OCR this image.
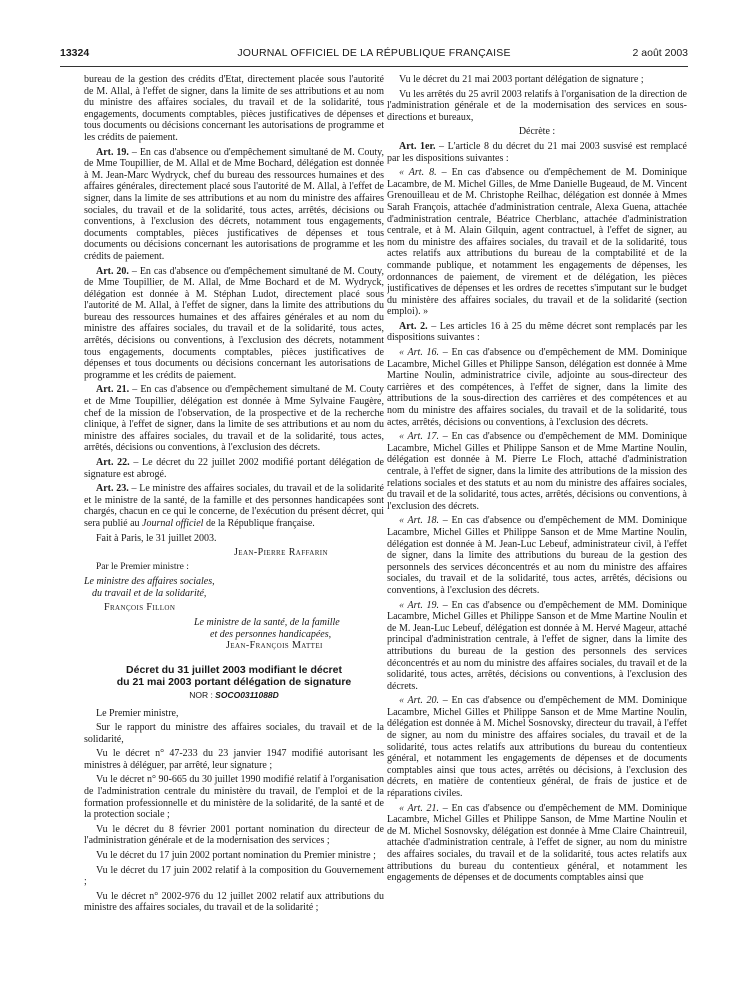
13324	JOURNAL OFFICIEL DE LA RÉPUBLIQUE FRANÇAISE	2 août 2003

bureau de la gestion des crédits d'Etat, directement placée sous l'autorité de M. Allal, à l'effet de signer, dans la limite de ses attributions et au nom du ministre des affaires sociales, du travail et de la solidarité, tous engagements, documents comptables, pièces justificatives de dépenses et tous documents ou décisions concernant les autorisations de programme et les crédits de paiement.

Art. 19. – En cas d'absence ou d'empêchement simultané de M. Couty, de Mme Toupillier, de M. Allal et de Mme Bochard, délégation est donnée à M. Jean-Marc Wydryck, chef du bureau des ressources humaines et des affaires générales, directement placé sous l'autorité de M. Allal, à l'effet de signer, dans la limite de ses attributions et au nom du ministre des affaires sociales, du travail et de la solidarité, tous actes, arrêtés, décisions ou conventions, à l'exclusion des décrets, notamment tous engagements, documents comptables, pièces justificatives de dépenses et tous documents ou décisions concernant les autorisations de programme et les crédits de paiement.

Art. 20. – En cas d'absence ou d'empêchement simultané de M. Couty, de Mme Toupillier, de M. Allal, de Mme Bochard et de M. Wydryck, délégation est donnée à M. Stéphan Ludot, directement placé sous l'autorité de M. Allal, à l'effet de signer, dans la limite des attributions du bureau des ressources humaines et des affaires générales et au nom du ministre des affaires sociales, du travail et de la solidarité, tous actes, arrêtés, décisions ou conventions, à l'exclusion des décrets, notamment tous engagements, documents comptables, pièces justificatives de dépenses et tous documents ou décisions concernant les autorisations de programme et les crédits de paiement.

Art. 21. – En cas d'absence ou d'empêchement simultané de M. Couty et de Mme Toupillier, délégation est donnée à Mme Sylvaine Faugère, chef de la mission de l'observation, de la prospective et de la recherche clinique, à l'effet de signer, dans la limite de ses attributions et au nom du ministre des affaires sociales, du travail et de la solidarité, tous actes, arrêtés, décisions ou conventions, à l'exclusion des décrets.

Art. 22. – Le décret du 22 juillet 2002 modifié portant délégation de signature est abrogé.

Art. 23. – Le ministre des affaires sociales, du travail et de la solidarité et le ministre de la santé, de la famille et des personnes handicapées sont chargés, chacun en ce qui le concerne, de l'exécution du présent décret, qui sera publié au Journal officiel de la République française.

Fait à Paris, le 31 juillet 2003.

Jean-Pierre Raffarin

Par le Premier ministre :

Le ministre des affaires sociales,

du travail et de la solidarité,

François Fillon

Le ministre de la santé, de la famille

et des personnes handicapées,

Jean-François Mattei

Décret du 31 juillet 2003 modifiant le décret
du 21 mai 2003 portant délégation de signature
NOR : SOCO0311088D

Le Premier ministre,

Sur le rapport du ministre des affaires sociales, du travail et de la solidarité,

Vu le décret n° 47-233 du 23 janvier 1947 modifié autorisant les ministres à déléguer, par arrêté, leur signature ;

Vu le décret n° 90-665 du 30 juillet 1990 modifié relatif à l'organisation de l'administration centrale du ministère du travail, de l'emploi et de la formation professionnelle et du ministère de la solidarité, de la santé et de la protection sociale ;

Vu le décret du 8 février 2001 portant nomination du directeur de l'administration générale et de la modernisation des services ;

Vu le décret du 17 juin 2002 portant nomination du Premier ministre ;

Vu le décret du 17 juin 2002 relatif à la composition du Gouvernement ;

Vu le décret n° 2002-976 du 12 juillet 2002 relatif aux attributions du ministre des affaires sociales, du travail et de la solidarité ;

Vu le décret du 21 mai 2003 portant délégation de signature ;

Vu les arrêtés du 25 avril 2003 relatifs à l'organisation de la direction de l'administration générale et de la modernisation des services en sous-directions et bureaux,

Décrète :

Art. 1er. – L'article 8 du décret du 21 mai 2003 susvisé est remplacé par les dispositions suivantes :

« Art. 8. – En cas d'absence ou d'empêchement de M. Dominique Lacambre, de M. Michel Gilles, de Mme Danielle Bugeaud, de M. Vincent Grenouilleau et de M. Christophe Reilhac, délégation est donnée à Mmes Sarah François, attachée d'administration centrale, Alexa Guena, attachée d'administration centrale, Béatrice Cherblanc, attachée d'administration centrale, et à M. Alain Gilquin, agent contractuel, à l'effet de signer, au nom du ministre des affaires sociales, du travail et de la solidarité, tous actes relatifs aux attributions du bureau de la comptabilité et de la commande publique, et notamment les engagements de dépenses, les ordonnances de paiement, de virement et de délégation, les pièces justificatives de dépenses et les ordres de recettes s'imputant sur le budget du ministère des affaires sociales, du travail et de la solidarité (section emploi). »

Art. 2. – Les articles 16 à 25 du même décret sont remplacés par les dispositions suivantes :

« Art. 16. – En cas d'absence ou d'empêchement de MM. Dominique Lacambre, Michel Gilles et Philippe Sanson, délégation est donnée à Mme Martine Noulin, administratrice civile, adjointe au sous-directeur des carrières et des compétences, à l'effet de signer, dans la limite des attributions de la sous-direction des carrières et des compétences et au nom du ministre des affaires sociales, du travail et de la solidarité, tous actes, arrêtés, décisions ou conventions, à l'exclusion des décrets.

« Art. 17. – En cas d'absence ou d'empêchement de MM. Dominique Lacambre, Michel Gilles et Philippe Sanson et de Mme Martine Noulin, délégation est donnée à M. Pierre Le Floch, attaché d'administration centrale, à l'effet de signer, dans la limite des attributions de la mission des relations sociales et des statuts et au nom du ministre des affaires sociales, du travail et de la solidarité, tous actes, arrêtés, décisions ou conventions, à l'exclusion des décrets.

« Art. 18. – En cas d'absence ou d'empêchement de MM. Dominique Lacambre, Michel Gilles et Philippe Sanson et de Mme Martine Noulin, délégation est donnée à M. Jean-Luc Lebeuf, administrateur civil, à l'effet de signer, dans la limite des attributions du bureau de la gestion des personnels des services déconcentrés et au nom du ministre des affaires sociales, du travail et de la solidarité, tous actes, arrêtés, décisions ou conventions, à l'exclusion des décrets.

« Art. 19. – En cas d'absence ou d'empêchement de MM. Dominique Lacambre, Michel Gilles et Philippe Sanson et de Mme Martine Noulin et de M. Jean-Luc Lebeuf, délégation est donnée à M. Hervé Mageur, attaché principal d'administration centrale, à l'effet de signer, dans la limite des attributions du bureau de la gestion des personnels des services déconcentrés et au nom du ministre des affaires sociales, du travail et de la solidarité, tous actes, arrêtés, décisions ou conventions, à l'exclusion des décrets.

« Art. 20. – En cas d'absence ou d'empêchement de MM. Dominique Lacambre, Michel Gilles et Philippe Sanson et de Mme Martine Noulin, délégation est donnée à M. Michel Sosnovsky, directeur du travail, à l'effet de signer, au nom du ministre des affaires sociales, du travail et de la solidarité, tous actes relatifs aux attributions du bureau du contentieux général, et notamment les engagements de dépenses et de documents comptables ainsi que tous actes, arrêtés ou décisions, à l'exclusion des décrets, en matière de contentieux général, de frais de justice et de réparations civiles.

« Art. 21. – En cas d'absence ou d'empêchement de MM. Dominique Lacambre, Michel Gilles et Philippe Sanson, de Mme Martine Noulin et de M. Michel Sosnovsky, délégation est donnée à Mme Claire Chaintreuil, attachée d'administration centrale, à l'effet de signer, au nom du ministre des affaires sociales, du travail et de la solidarité, tous actes relatifs aux attributions du bureau du contentieux général, et notamment les engagements de dépenses et de documents comptables ainsi que
